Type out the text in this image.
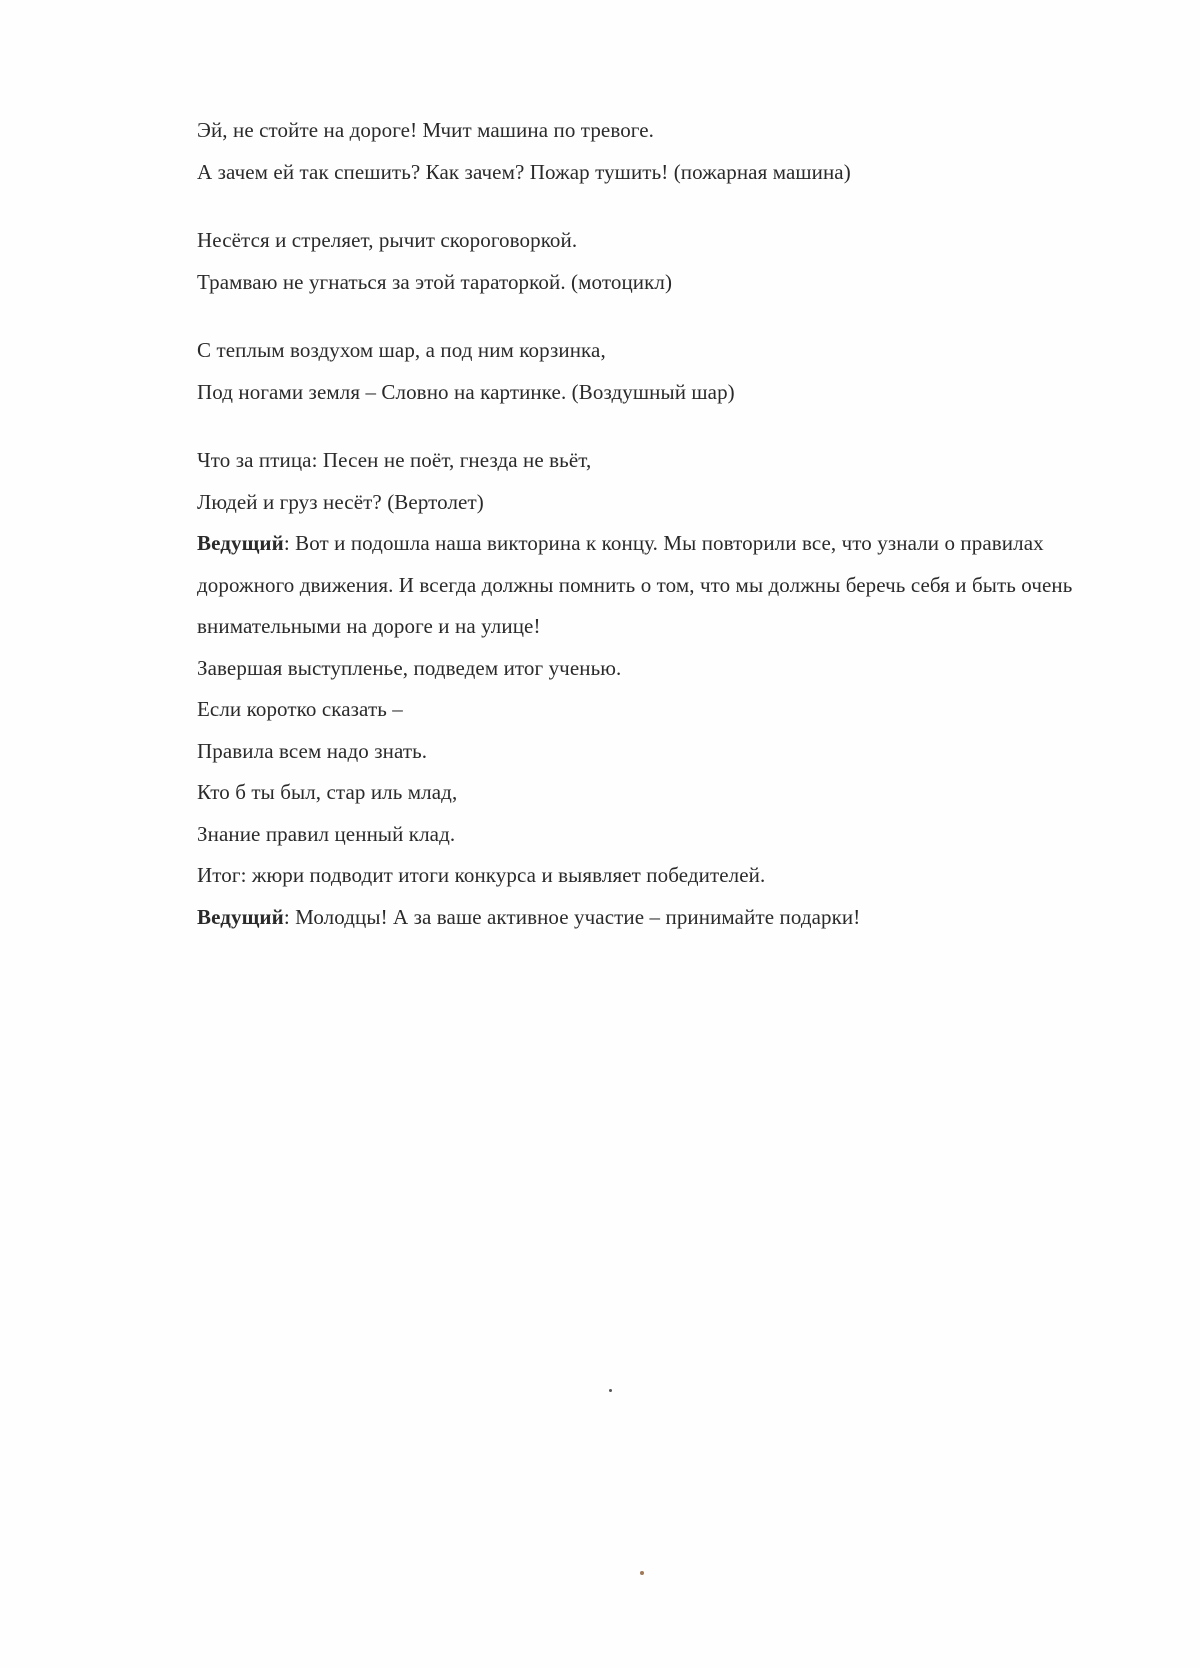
Эй, не стойте на дороге! Мчит машина по тревоге.
А зачем ей так спешить? Как зачем? Пожар тушить! (пожарная машина)
Несётся и стреляет, рычит скороговоркой.
Трамваю не угнаться за этой тараторкой. (мотоцикл)
С теплым воздухом шар, а под ним корзинка,
Под ногами земля – Словно на картинке. (Воздушный шар)
Что за птица: Песен не поёт, гнезда не вьёт,
Людей и груз несёт? (Вертолет)
Ведущий: Вот и подошла наша викторина к концу. Мы повторили все, что узнали о правилах дорожного движения. И всегда должны помнить о том, что мы должны беречь себя и быть очень внимательными на дороге и на улице!
Завершая выступленье, подведем итог ученью.
Если коротко сказать –
Правила всем надо знать.
Кто б ты был, стар иль млад,
Знание правил ценный клад.
Итог: жюри подводит итоги конкурса и выявляет победителей.
Ведущий: Молодцы! А за ваше активное участие – принимайте подарки!
